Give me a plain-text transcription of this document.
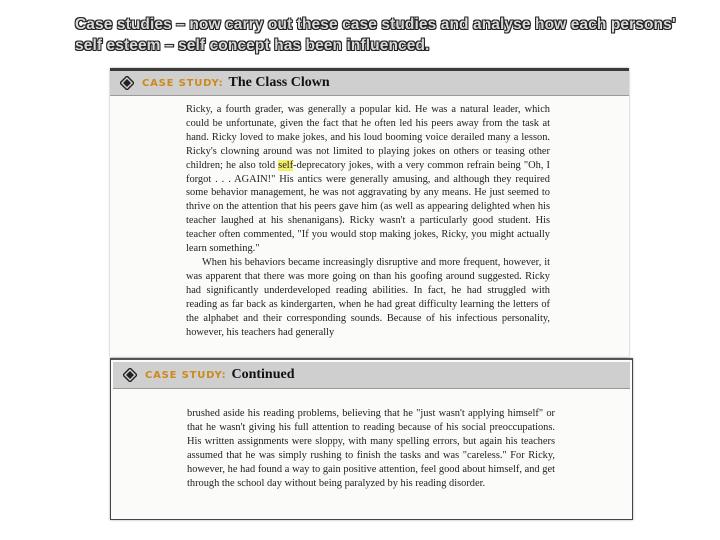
Case studies – now carry out these case studies and analyse how each persons' self esteem – self concept has been influenced.
CASE STUDY: The Class Clown

Ricky, a fourth grader, was generally a popular kid. He was a natural leader, which could be unfortunate, given the fact that he often led his peers away from the task at hand. Ricky loved to make jokes, and his loud booming voice derailed many a lesson. Ricky's clowning around was not limited to playing jokes on others or teasing other children; he also told self-deprecatory jokes, with a very common refrain being "Oh, I forgot . . . AGAIN!" His antics were generally amusing, and although they required some behavior management, he was not aggravating by any means. He just seemed to thrive on the attention that his peers gave him (as well as appearing delighted when his teacher laughed at his shenanigans). Ricky wasn't a particularly good student. His teacher often commented, "If you would stop making jokes, Ricky, you might actually learn something."

When his behaviors became increasingly disruptive and more frequent, however, it was apparent that there was more going on than his goofing around suggested. Ricky had significantly underdeveloped reading abilities. In fact, he had struggled with reading as far back as kindergarten, when he had great difficulty learning the letters of the alphabet and their corresponding sounds. Because of his infectious personality, however, his teachers had generally

CASE STUDY: Continued

brushed aside his reading problems, believing that he "just wasn't applying himself" or that he wasn't giving his full attention to reading because of his social preoccupations. His written assignments were sloppy, with many spelling errors, but again his teachers assumed that he was simply rushing to finish the tasks and was "careless." For Ricky, however, he had found a way to gain positive attention, feel good about himself, and get through the school day without being paralyzed by his reading disorder.
